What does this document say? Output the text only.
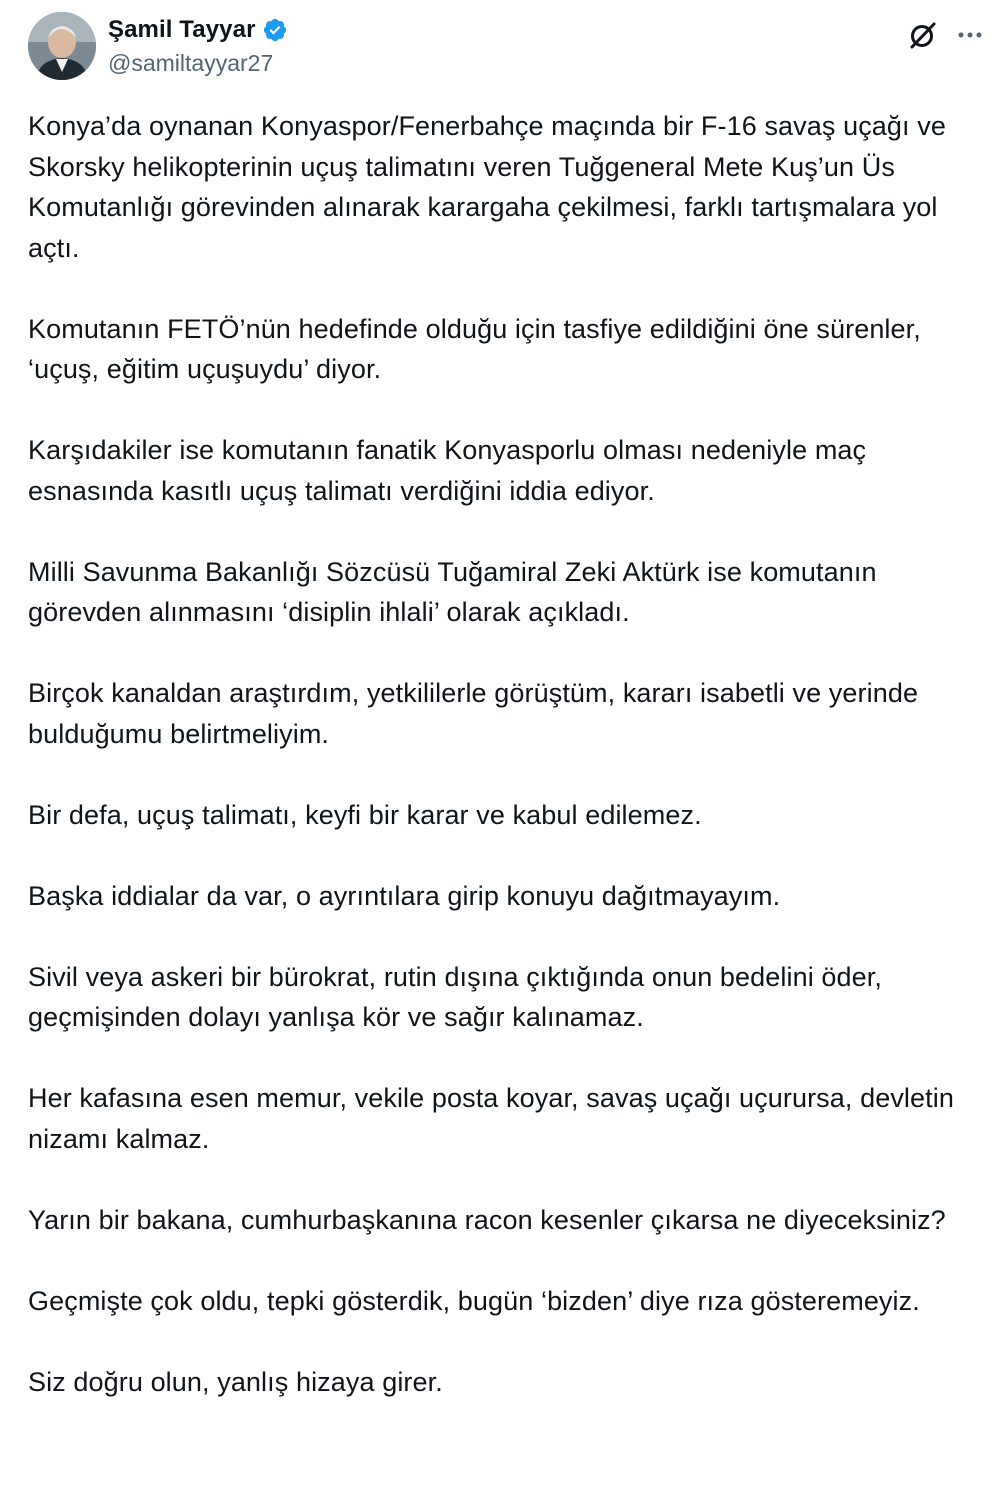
Şamil Tayyar
@samiltayyar27

Konya’da oynanan Konyaspor/Fenerbahçe maçında bir F-16 savaş uçağı ve Skorsky helikopterinin uçuş talimatını veren Tuğgeneral Mete Kuş’un Üs Komutanlığı görevinden alınarak karargaha çekilmesi, farklı tartışmalara yol açtı.

Komutanın FETÖ’nün hedefinde olduğu için tasfiye edildiğini öne sürenler, ‘uçuş, eğitim uçuşuydu’ diyor.

Karşıdakiler ise komutanın fanatik Konyasporlu olması nedeniyle maç esnasında kasıtlı uçuş talimatı verdiğini iddia ediyor.

Milli Savunma Bakanlığı Sözcüsü Tuğamiral Zeki Aktürk ise komutanın görevden alınmasını ‘disiplin ihlali’ olarak açıkladı.

Birçok kanaldan araştırdım, yetkililerle görüştüm, kararı isabetli ve yerinde bulduğumu belirtmeliyim.

Bir defa, uçuş talimatı, keyfi bir karar ve kabul edilemez.

Başka iddialar da var, o ayrıntılara girip konuyu dağıtmayayım.

Sivil veya askeri bir bürokrat, rutin dışına çıktığında onun bedelini öder, geçmişinden dolayı yanlışa kör ve sağır kalınamaz.

Her kafasına esen memur, vekile posta koyar, savaş uçağı uçurursa, devletin nizamı kalmaz.

Yarın bir bakana, cumhurbaşkanına racon kesenler çıkarsa ne diyeceksiniz?

Geçmişte çok oldu, tepki gösterdik, bugün ‘bizden’ diye rıza gösteremeyiz.

Siz doğru olun, yanlış hizaya girer.
